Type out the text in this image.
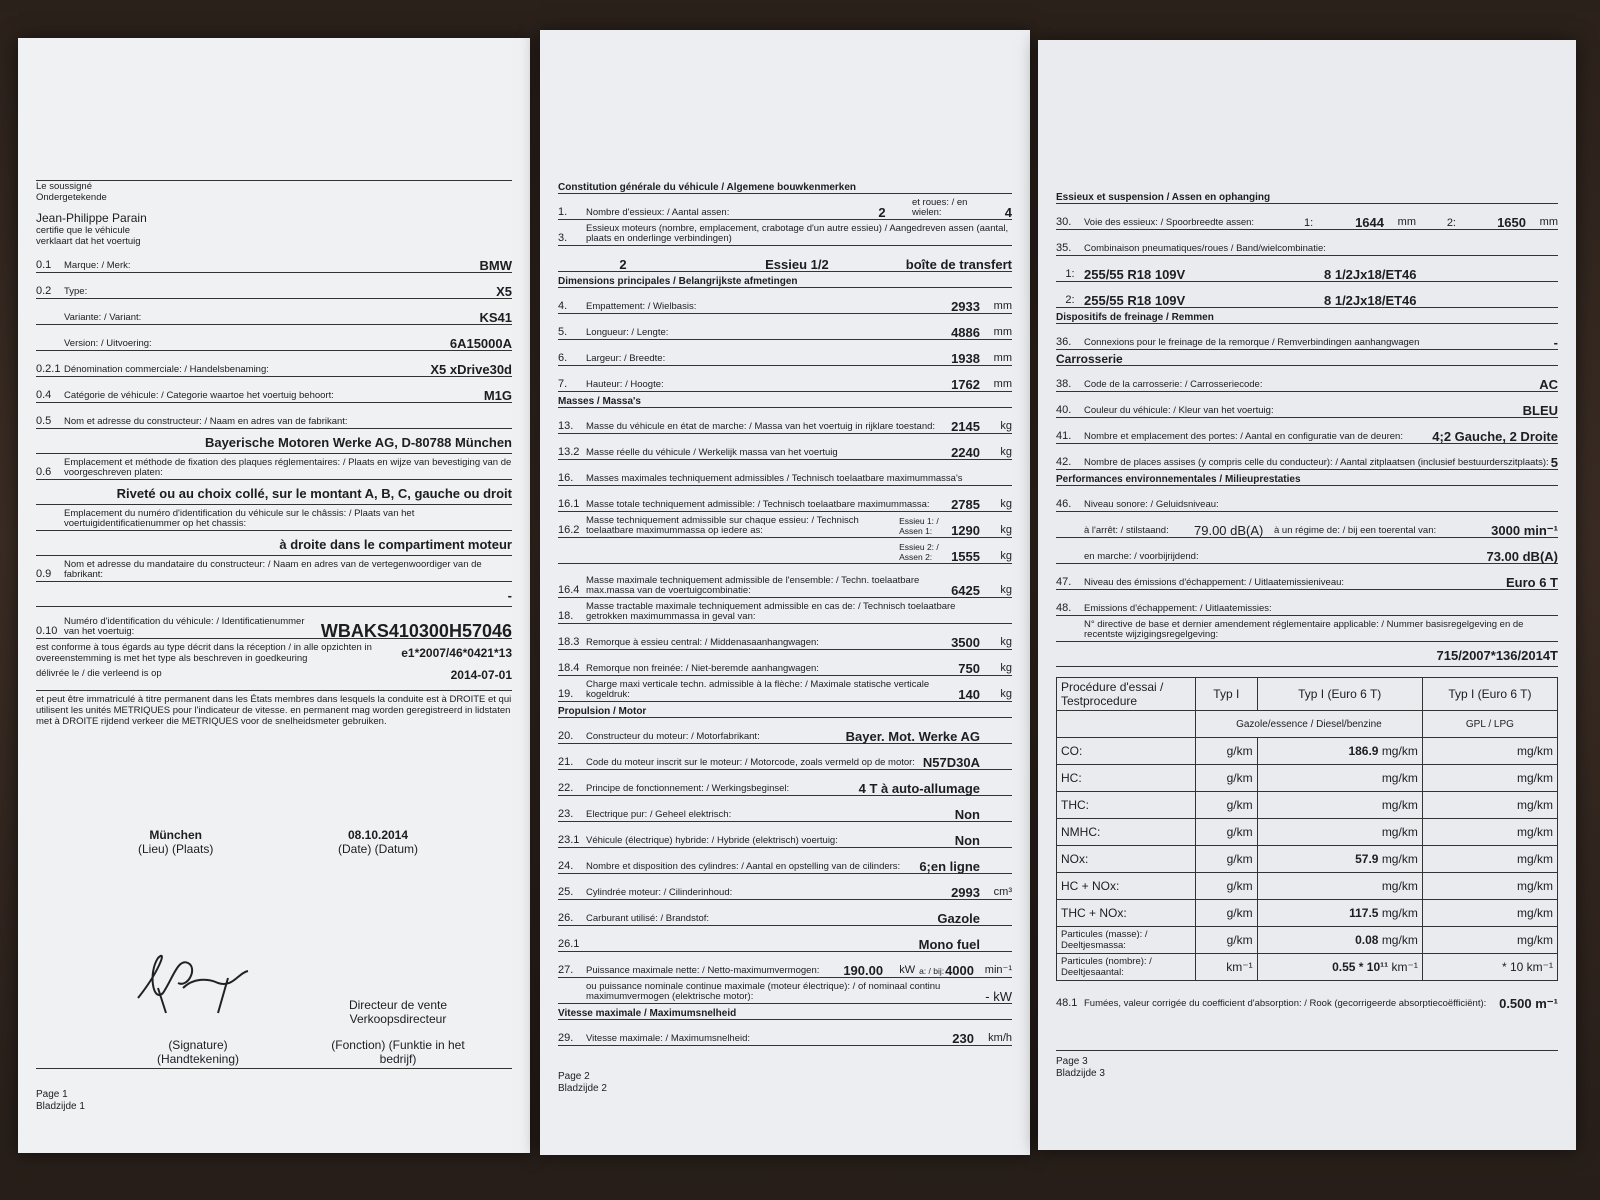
Le soussigné
Ondergetekende
Jean-Philippe Parain
certifie que le véhicule
verklaart dat het voertuig
0.1	Marque: / Merk:	BMW
0.2	Type:	X5
Variante: / Variant:	KS41
Version: / Uitvoering:	6A15000A
0.2.1 Dénomination commerciale: / Handelsbenaming:	X5 xDrive30d
0.4	Catégorie de véhicule: / Categorie waartoe het voertuig behoort:	M1G
0.5	Nom et adresse du constructeur: / Naam en adres van de fabrikant:
Bayerische Motoren Werke AG, D-80788 München
0.6
Emplacement et méthode de fixation des plaques réglementaires: / Plaats en wijze van bevestiging van de voorgeschreven platen:
Riveté ou au choix collé, sur le montant A, B, C, gauche ou droit
Emplacement du numéro d'identification du véhicule sur le châssis: / Plaats van het voertuigidentificatienummer op het chassis:
à droite dans le compartiment moteur
0.9
Nom et adresse du mandataire du constructeur: / Naam en adres van de vertegenwoordiger van de fabrikant:
-
0.10
Numéro d'identification du véhicule: / Identificatienummer van het voertuig:	WBAKS410300H57046
est conforme à tous égards au type décrit dans la réception / in alle opzichten in overeenstemming is met het type als beschreven in goedkeuring	e1*2007/46*0421*13
délivrée le / die verleend is op	2014-07-01
et peut être immatriculé à titre permanent dans les États membres dans lesquels la conduite est à DROITE et qui utilisent les unités METRIQUES pour l'indicateur de vitesse. en permanent mag worden geregistreerd in lidstaten met à DROITE rijdend verkeer die METRIQUES voor de snelheidsmeter gebruiken.
München
(Lieu) (Plaats)
08.10.2014
(Date) (Datum)
(Signature) (Handtekening)
Directeur de vente Verkoopsdirecteur
(Fonction) (Funktie in het bedrijf)
Page 1
Bladzijde 1
Constitution générale du véhicule / Algemene bouwkenmerken
1.	Nombre d'essieux: / Aantal assen:	2
et roues: / en wielen:	4
3.
Essieux moteurs (nombre, emplacement, crabotage d'un autre essieu) / Aangedreven assen (aantal, plaats en onderlinge verbindingen)
2	Essieu 1/2	boîte de transfert
Dimensions principales / Belangrijkste afmetingen
4.	Empattement: / Wielbasis:	2933	mm
5.	Longueur: / Lengte:	4886	mm
6.	Largeur: / Breedte:	1938	mm
7.	Hauteur: / Hoogte:	1762	mm
Masses / Massa's
13.	Masse du véhicule en état de marche: / Massa van het voertuig in rijklare toestand:	2145	kg
13.2 Masse réelle du véhicule / Werkelijk massa van het voertuig	2240	kg
16.	Masses maximales techniquement admissibles / Technisch toelaatbare maximummassa's
16.1 Masse totale techniquement admissible: / Technisch toelaatbare maximummassa:	2785	kg
16.2
Masse techniquement admissible sur chaque essieu: / Technisch toelaatbare maximummassa op iedere as:
Essieu 1: / Assen 1:	1290	kg
Essieu 2: / Assen 2:	1555	kg
16.4
Masse maximale techniquement admissible de l'ensemble: / Techn. toelaatbare max.massa van de voertuigcombinatie:	6425	kg
18.
Masse tractable maximale techniquement admissible en cas de: / Technisch toelaatbare getrokken maximummassa in geval van:
18.3 Remorque à essieu central: / Middenasaanhangwagen:	3500	kg
18.4 Remorque non freinée: / Niet-beremde aanhangwagen:	750	kg
19.
Charge maxi verticale techn. admissible à la flèche: / Maximale statische verticale kogeldruk:	140	kg
Propulsion / Motor
20.	Constructeur du moteur: / Motorfabrikant:	Bayer. Mot. Werke AG
21.	Code du moteur inscrit sur le moteur: / Motorcode, zoals vermeld op de motor: N57D30A
22.	Principe de fonctionnement: / Werkingsbeginsel:	4 T à auto-allumage
23.	Electrique pur: / Geheel elektrisch:	Non
23.1 Véhicule (électrique) hybride: / Hybride (elektrisch) voertuig:	Non
24.	Nombre et disposition des cylindres: / Aantal en opstelling van de cilinders:	6;en ligne
25.	Cylindrée moteur: / Cilinderinhoud:	2993	cm³
26.	Carburant utilisé: / Brandstof:	Gazole
26.1	Mono fuel
27.	Puissance maximale nette: / Netto-maximumvermogen:	190.00	kW a: / bij: 4000 min⁻¹
ou puissance nominale continue maximale (moteur électrique): / of nominaal continu maximumvermogen (elektrische motor):	- kW
Vitesse maximale / Maximumsnelheid
29.	Vitesse maximale: / Maximumsnelheid:	230	km/h
Page 2
Bladzijde 2
Essieux et suspension / Assen en ophanging
30.	Voie des essieux: / Spoorbreedte assen:	1:	1644	mm	2:	1650	mm
35.	Combinaison pneumatiques/roues / Band/wielcombinatie:
1: 255/55 R18 109V	8 1/2Jx18/ET46
2: 255/55 R18 109V	8 1/2Jx18/ET46
Dispositifs de freinage / Remmen
36.	Connexions pour le freinage de la remorque / Remverbindingen aanhangwagen	-
Carrosserie
38.	Code de la carrosserie: / Carrosseriecode:	AC
40.	Couleur du véhicule: / Kleur van het voertuig:	BLEU
41.	Nombre et emplacement des portes: / Aantal en configuratie van de deuren:	4;2 Gauche, 2 Droite
42.	Nombre de places assises (y compris celle du conducteur): / Aantal zitplaatsen (inclusief bestuurderszitplaats): 5
Performances environnementales / Milieuprestaties
46.	Niveau sonore: / Geluidsniveau:
à l'arrêt: / stilstaand:	79.00 dB(A)	à un régime de: / bij een toerental van:	3000 min⁻¹
en marche: / voorbijrijdend:	73.00 dB(A)
47.	Niveau des émissions d'échappement: / Uitlaatemissieniveau:	Euro 6 T
48.	Emissions d'échappement: / Uitlaatemissies:
N° directive de base et dernier amendement réglementaire applicable: / Nummer basisregelgeving en de recentste wijzigingsregelgeving:
715/2007*136/2014T
Procédure d'essai / Testprocedure	Typ I	Typ I (Euro 6 T)	Typ I (Euro 6 T)
	Gazole/essence / Diesel/benzine		GPL / LPG
CO:	g/km	186.9 mg/km	mg/km
HC:	g/km	mg/km	mg/km
THC:	g/km	mg/km	mg/km
NMHC:	g/km	mg/km	mg/km
NOx:	g/km	57.9 mg/km	mg/km
HC + NOx:	g/km	mg/km	mg/km
THC + NOx:	g/km	117.5 mg/km	mg/km
Particules (masse): / Deeltjesmassa:	g/km	0.08 mg/km	mg/km
Particules (nombre): / Deeltjesaantal:	km⁻¹	0.55 * 10¹¹ km⁻¹	* 10 km⁻¹
48.1 Fumées, valeur corrigée du coefficient d'absorption: / Rook (gecorrigeerde absorptiecoëfficiënt): 0.500 m⁻¹
Page 3
Bladzijde 3
